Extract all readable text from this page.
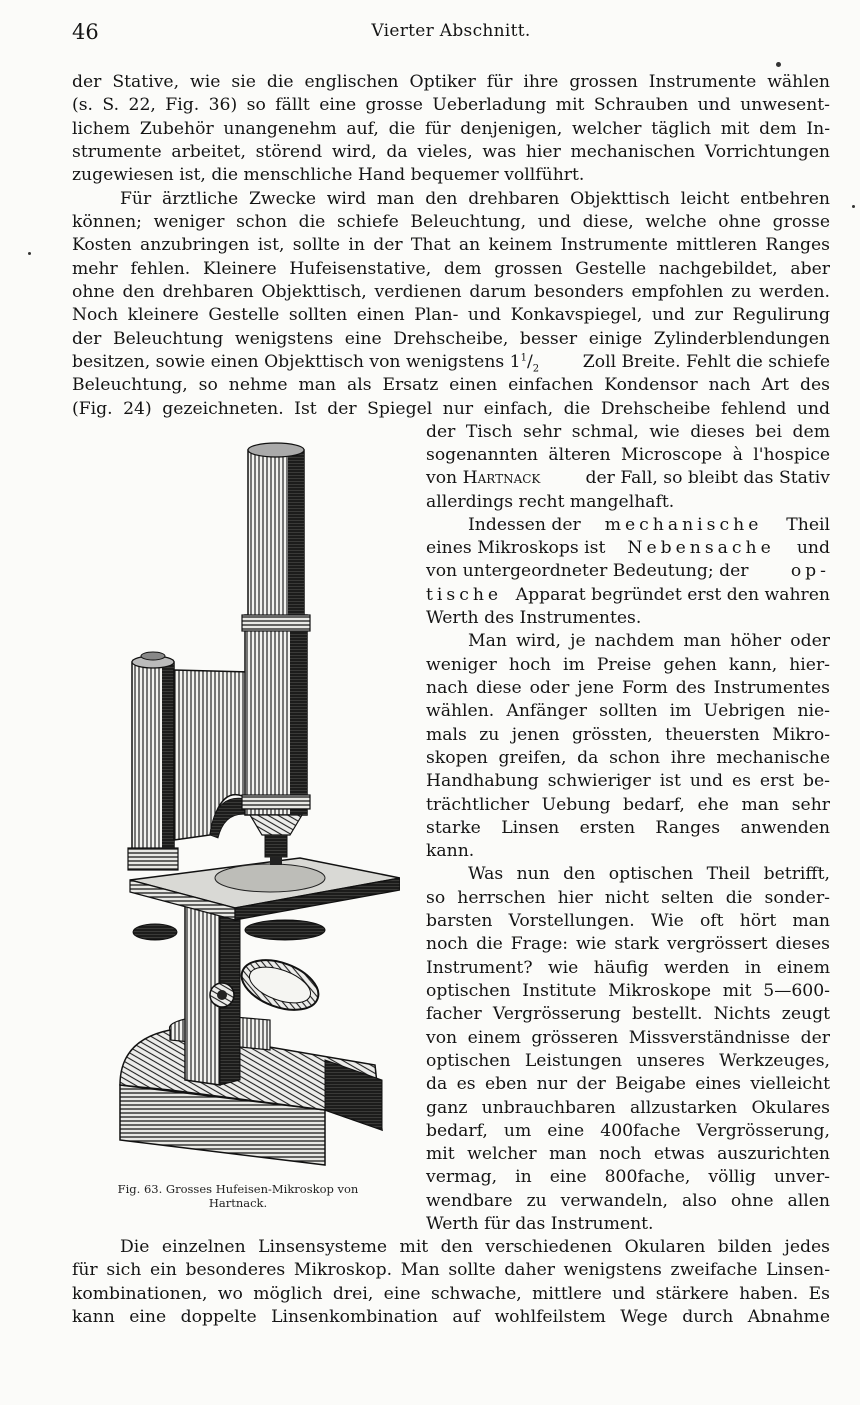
46	Vierter Abschnitt.
der Stative, wie sie die englischen Optiker für ihre grossen Instrumente wählen
(s. S. 22, Fig. 36) so fällt eine grosse Ueberladung mit Schrauben und unwesent-
lichem Zubehör unangenehm auf, die für denjenigen, welcher täglich mit dem In-
strumente arbeitet, störend wird, da vieles, was hier mechanischen Vorrichtungen
zugewiesen ist, die menschliche Hand bequemer vollführt.
Für ärztliche Zwecke wird man den drehbaren Objekttisch leicht entbehren
können; weniger schon die schiefe Beleuchtung, und diese, welche ohne grosse
Kosten anzubringen ist, sollte in der That an keinem Instrumente mittleren Ranges
mehr fehlen. Kleinere Hufeisenstative, dem grossen Gestelle nachgebildet, aber
ohne den drehbaren Objekttisch, verdienen darum besonders empfohlen zu werden.
Noch kleinere Gestelle sollten einen Plan- und Konkavspiegel, und zur Regulirung
der Beleuchtung wenigstens eine Drehscheibe, besser einige Zylinderblendungen
besitzen, sowie einen Objekttisch von wenigstens $1^1/_2$	Zoll Breite. Fehlt die schiefe
Beleuchtung, so nehme man als Ersatz einen einfachen Kondensor nach Art des
(Fig. 24) gezeichneten. Ist der Spiegel nur einfach, die Drehscheibe fehlend und
der Tisch sehr schmal, wie dieses bei dem
sogenannten älteren Microscope à l'hospice
von Hartnack	der Fall, so bleibt das Stativ
allerdings recht mangelhaft.
Indessen der mechanische Theil
eines Mikroskops ist Nebensache und
von untergeordneter Bedeutung; der op-
tische Apparat begründet erst den wahren
Werth des Instrumentes.
Man wird, je nachdem man höher oder
weniger hoch im Preise gehen kann, hier-
nach diese oder jene Form des Instrumentes
wählen. Anfänger sollten im Uebrigen nie-
mals zu jenen grössten, theuersten Mikro-
skopen greifen, da schon ihre mechanische
Handhabung schwieriger ist und es erst be-
trächtlicher Uebung bedarf, ehe man sehr
starke Linsen ersten Ranges anwenden
kann.
Was nun den optischen Theil betrifft,
so herrschen hier nicht selten die sonder-
barsten Vorstellungen. Wie oft hört man
noch die Frage: wie stark vergrössert dieses
Instrument? wie häufig werden in einem
optischen Institute Mikroskope mit 5—600-
facher Vergrösserung bestellt. Nichts zeugt
von einem grösseren Missverständnisse der
optischen Leistungen unseres Werkzeuges,
da es eben nur der Beigabe eines vielleicht
ganz unbrauchbaren allzustarken Okulares
bedarf, um eine 400fache Vergrösserung,
mit welcher man noch etwas auszurichten
vermag, in eine 800fache, völlig unver-
wendbare zu verwandeln, also ohne allen
Werth für das Instrument.
Fig. 63. Grosses Hufeisen-Mikroskop von
Hartnack.
Die einzelnen Linsensysteme mit den verschiedenen Okularen bilden jedes
für sich ein besonderes Mikroskop. Man sollte daher wenigstens zweifache Linsen-
kombinationen, wo möglich drei, eine schwache, mittlere und stärkere haben. Es
kann eine doppelte Linsenkombination auf wohlfeilstem Wege durch Abnahme
